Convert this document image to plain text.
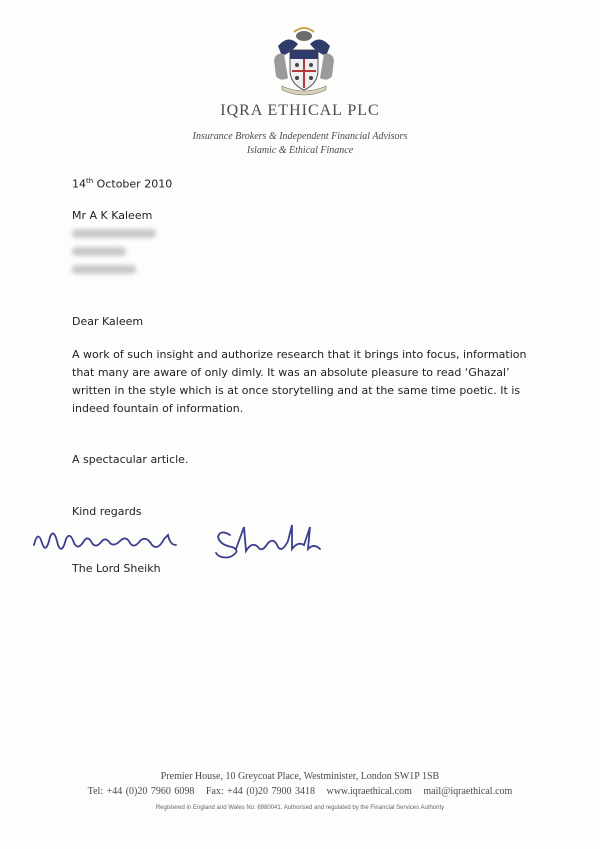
IQRA ETHICAL PLC
Insurance Brokers & Independent Financial Advisors
Islamic & Ethical Finance
14th October 2010
Mr A K Kaleem
Dear Kaleem

A work of such insight and authorize research that it brings into focus, information that many are aware of only dimly. It was an absolute pleasure to read ‘Ghazal’ written in the style which is at once storytelling and at the same time poetic. It is indeed fountain of information.

A spectacular article.
Kind regards
The Lord Sheikh
Premier House, 10 Greycoat Place, Westminister, London SW1P 1SB
Tel: +44 (0)20 7960 6098 Fax: +44 (0)20 7900 3418 www.iqraethical.com mail@iqraethical.com
Registered in England and Wales No: 6980041. Authorised and regulated by the Financial Services Authority
